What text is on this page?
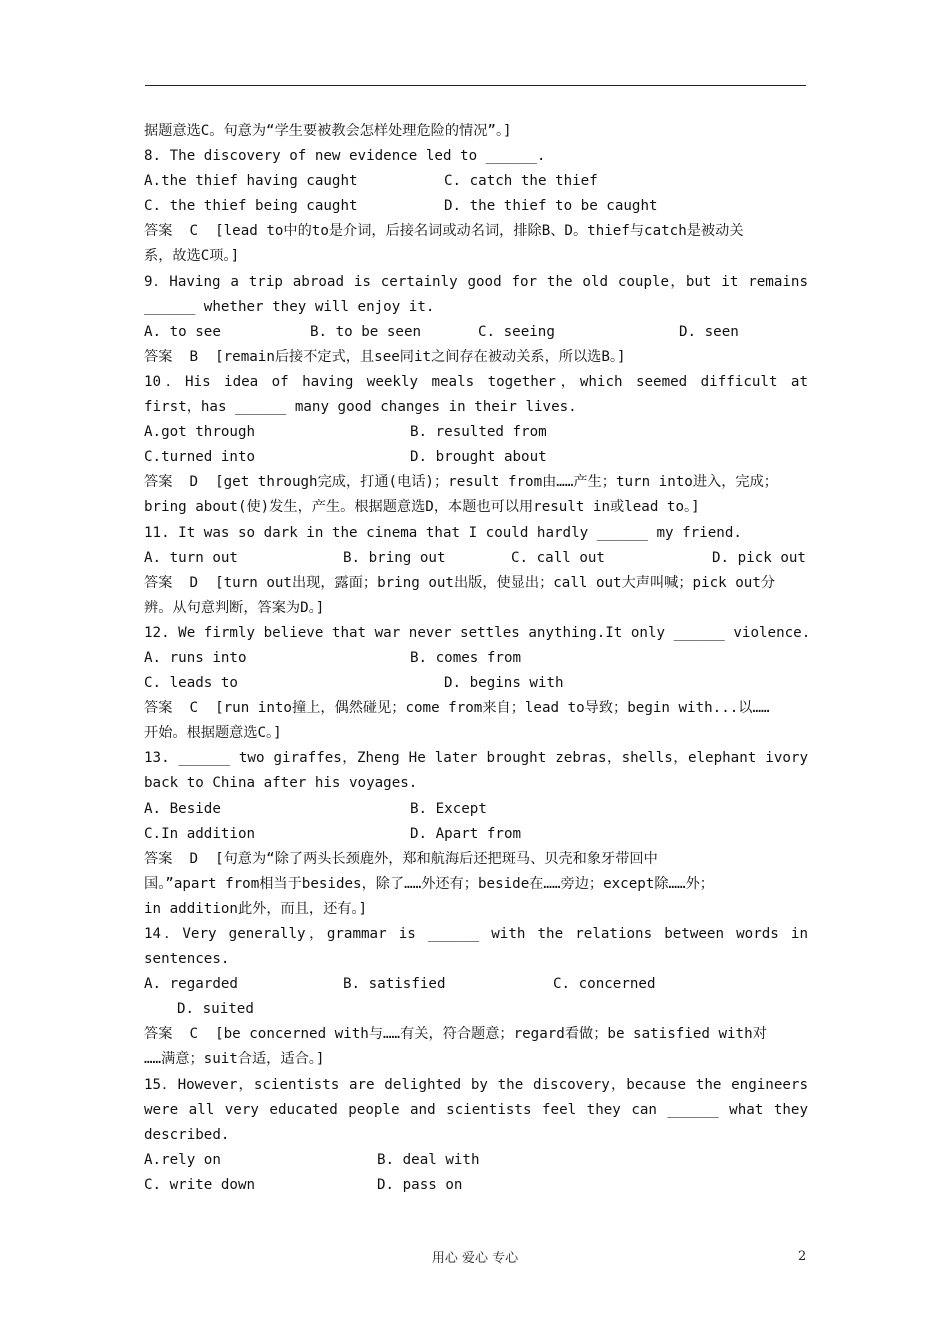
据题意选C。句意为“学生要被教会怎样处理危险的情况”。]
8. The discovery of new evidence led to ______.
A.the thief having caught	C. catch the thief
C. the thief being caught	D. the thief to be caught
答案  C  [lead to中的to是介词，后接名词或动名词，排除B、D。thief与catch是被动关
系，故选C项。]
9．Having a trip abroad is certainly good for the old couple，but it remains
______ whether they will enjoy it.
A. to see	B. to be seen	C. seeing	D. seen
答案  B  [remain后接不定式，且see同it之间存在被动关系，所以选B。]
10．His idea of having weekly meals together，which seemed difficult at
first，has ______ many good changes in their lives.
A.got through	B. resulted from
C.turned into	D. brought about
答案  D  [get through完成，打通(电话)；result from由……产生；turn into进入，完成；
bring about(使)发生，产生。根据题意选D，本题也可以用result in或lead to。]
11. It was so dark in the cinema that I could hardly ______ my friend.
A. turn out	B. bring out	C. call out	D. pick out
答案  D  [turn out出现，露面；bring out出版，使显出；call out大声叫喊；pick out分
辨。从句意判断，答案为D。]
12. We firmly believe that war never settles anything.It only ______ violence.
A. runs into	B. comes from
C. leads to	D. begins with
答案  C  [run into撞上，偶然碰见；come from来自；lead to导致；begin with...以……
开始。根据题意选C。]
13. ______ two giraffes，Zheng He later brought zebras，shells，elephant ivory
back to China after his voyages.
A. Beside	B. Except
C.In addition	D. Apart from
答案  D  [句意为“除了两头长颈鹿外，郑和航海后还把斑马、贝壳和象牙带回中
国。”apart from相当于besides，除了……外还有；beside在……旁边；except除……外；
in addition此外，而且，还有。]
14．Very generally，grammar is ______ with the relations between words in
sentences.
A. regarded	B. satisfied	C. concerned
D. suited
答案  C  [be concerned with与……有关，符合题意；regard看做；be satisfied with对
……满意；suit合适，适合。]
15．However，scientists are delighted by the discovery，because the engineers
were all very educated people and scientists feel they can ______ what they
described.
A.rely on	B. deal with
C. write down	D. pass on
用心 爱心 专心	2
